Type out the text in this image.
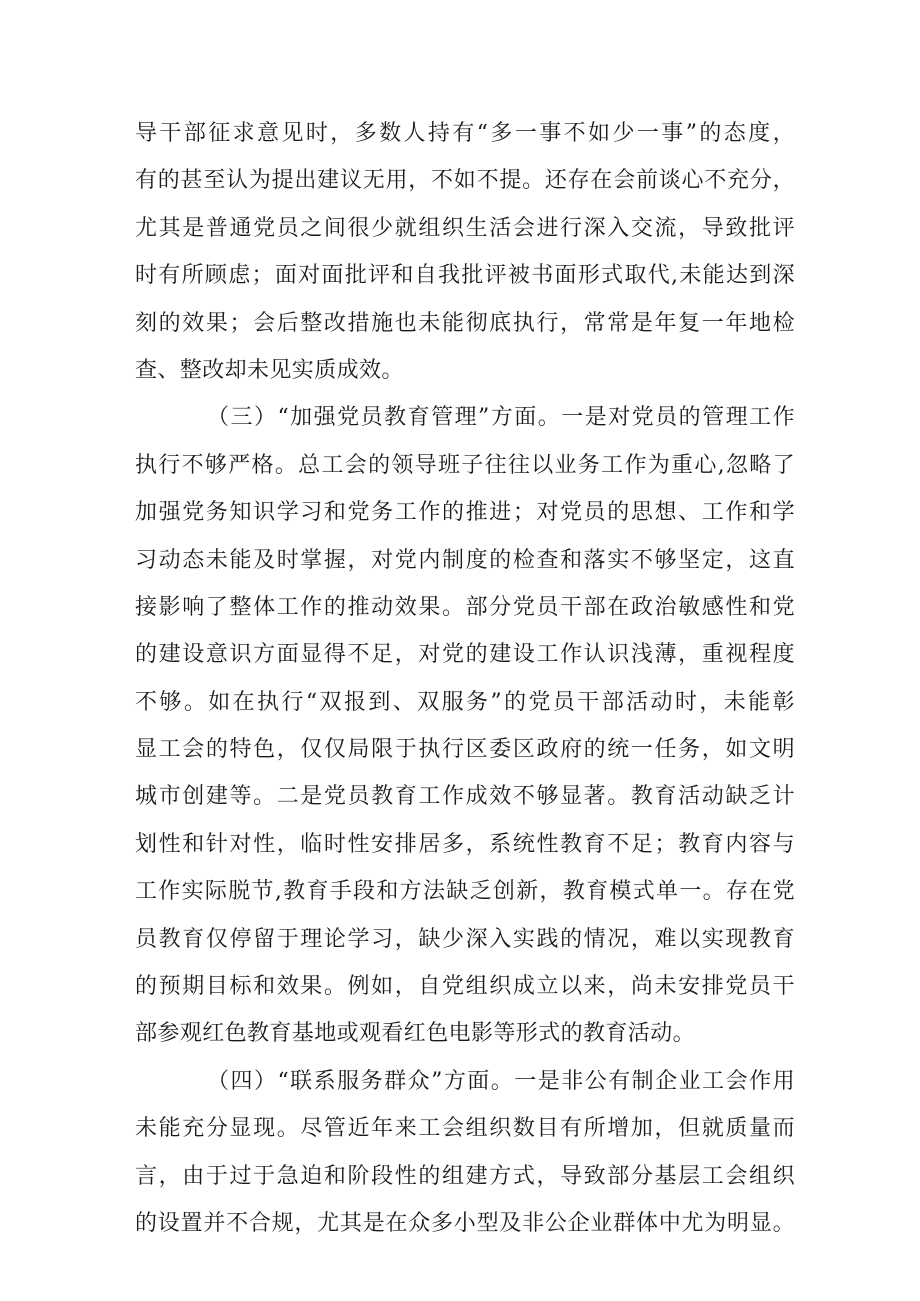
导干部征求意见时，多数人持有“多一事不如少一事”的态度，
有的甚至认为提出建议无用，不如不提。还存在会前谈心不充分，
尤其是普通党员之间很少就组织生活会进行深入交流，导致批评
时有所顾虑；面对面批评和自我批评被书面形式取代,未能达到深
刻的效果；会后整改措施也未能彻底执行，常常是年复一年地检
查、整改却未见实质成效。
（三）“加强党员教育管理”方面。一是对党员的管理工作
执行不够严格。总工会的领导班子往往以业务工作为重心,忽略了
加强党务知识学习和党务工作的推进；对党员的思想、工作和学
习动态未能及时掌握，对党内制度的检查和落实不够坚定，这直
接影响了整体工作的推动效果。部分党员干部在政治敏感性和党
的建设意识方面显得不足，对党的建设工作认识浅薄，重视程度
不够。如在执行“双报到、双服务”的党员干部活动时，未能彰
显工会的特色，仅仅局限于执行区委区政府的统一任务，如文明
城市创建等。二是党员教育工作成效不够显著。教育活动缺乏计
划性和针对性，临时性安排居多，系统性教育不足；教育内容与
工作实际脱节,教育手段和方法缺乏创新，教育模式单一。存在党
员教育仅停留于理论学习，缺少深入实践的情况，难以实现教育
的预期目标和效果。例如，自党组织成立以来，尚未安排党员干
部参观红色教育基地或观看红色电影等形式的教育活动。
（四）“联系服务群众”方面。一是非公有制企业工会作用
未能充分显现。尽管近年来工会组织数目有所增加，但就质量而
言，由于过于急迫和阶段性的组建方式，导致部分基层工会组织
的设置并不合规，尤其是在众多小型及非公企业群体中尤为明显。
